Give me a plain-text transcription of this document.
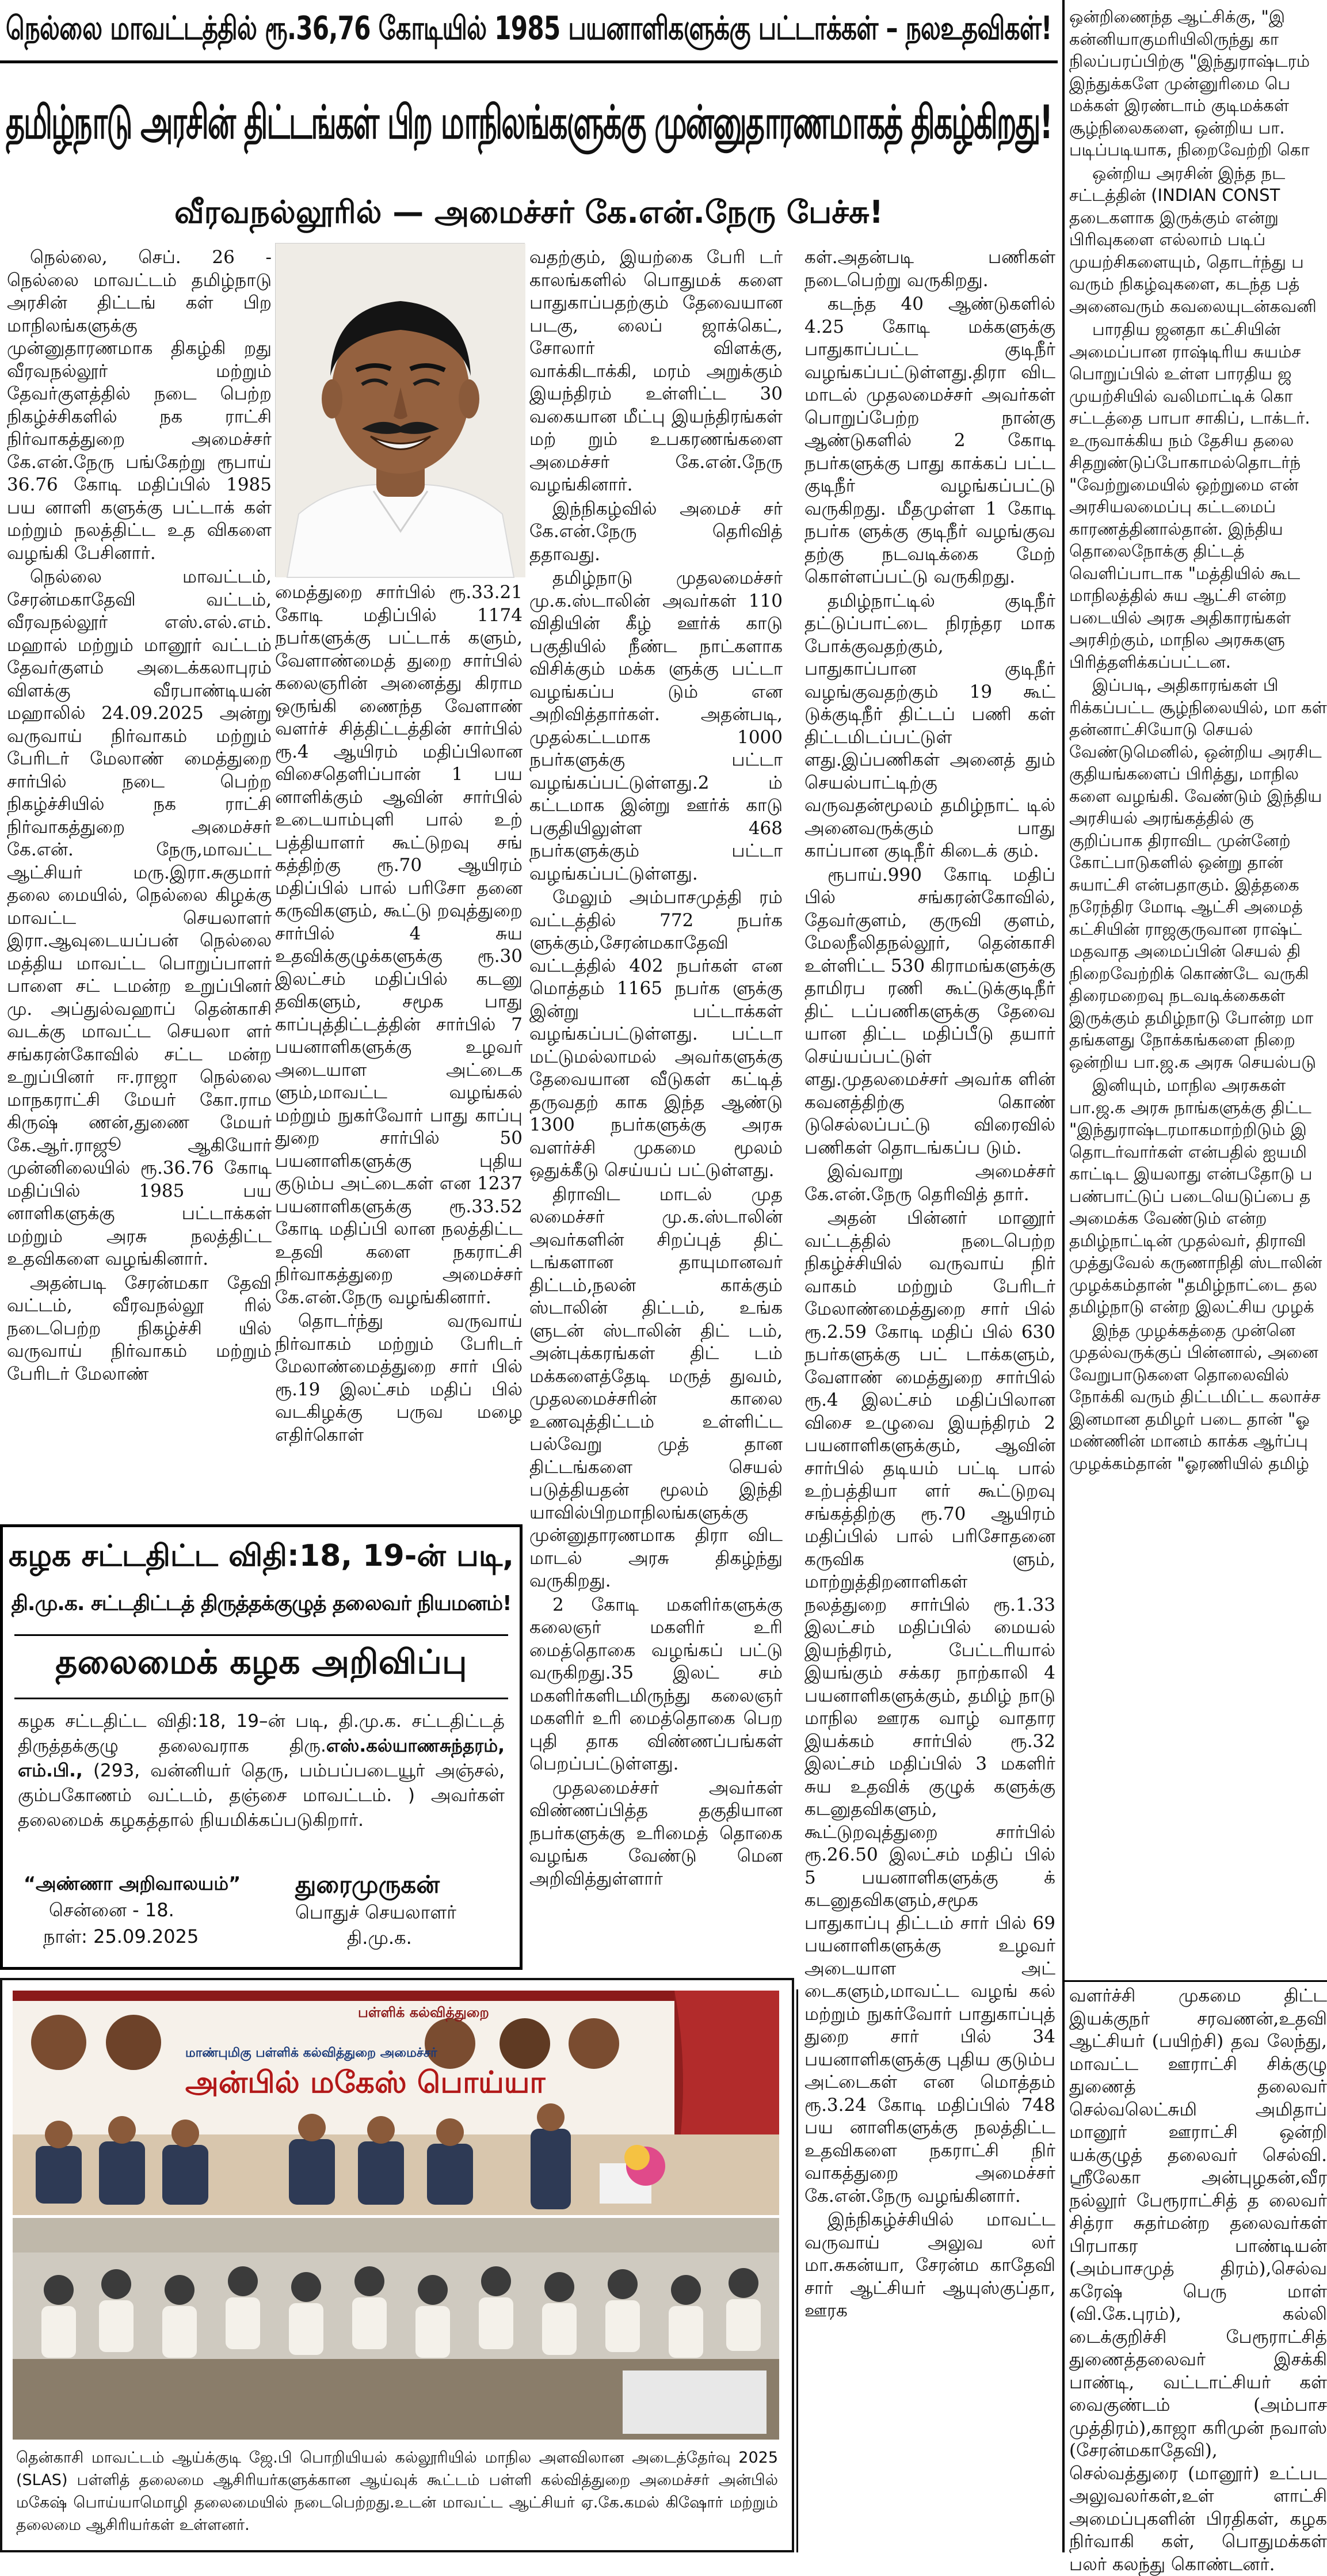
நெல்லை மாவட்டத்தில் ரூ.36,76 கோடியில் 1985 பயனாளிகளுக்கு பட்டாக்கள் – நலஉதவிகள்!
தமிழ்நாடு அரசின் திட்டங்கள் பிற மாநிலங்களுக்கு முன்னுதாரணமாகத் திகழ்கிறது!
வீரவநல்லூரில் — அமைச்சர் கே.என்.நேரு பேச்சு!

நெல்லை, செப். 26 - நெல்லை மாவட்டம் தமிழ்நாடு அரசின் திட்டங் கள் பிற மாநிலங்களுக்கு முன்னுதாரணமாக திகழ்கி றது வீரவநல்லூர் மற்றும் தேவர்குளத்தில் நடை பெற்ற நிகழ்ச்சிகளில் நக ராட்சி நிர்வாகத்துறை அமைச்சர் கே.என்.நேரு பங்கேற்று ரூபாய் 36.76 கோடி மதிப்பில் 1985 பய னாளி களுக்கு பட்டாக் கள் மற்றும் நலத்திட்ட உத விகளை வழங்கி பேசினார்.

நெல்லை மாவட்டம், சேரன்மகாதேவி வட்டம், வீரவநல்லூர் எஸ்.எல்.எம். மஹால் மற்றும் மானூர் வட்டம் தேவர்குளம் அடைக்கலாபுரம் விளக்கு வீரபாண்டியன் மஹாலில் 24.09.2025 அன்று வருவாய் நிர்வாகம் மற்றும் பேரிடர் மேலாண் மைத்துறை சார்பில் நடை பெற்ற நிகழ்ச்சியில் நக ராட்சி நிர்வாகத்துறை அமைச்சர் கே.என். நேரு,மாவட்ட ஆட்சியர் மரு.இரா.சுகுமார் தலை மையில், நெல்லை கிழக்கு மாவட்ட செயலாளர் இரா.ஆவுடையப்பன் நெல்லை மத்திய மாவட்ட பொறுப்பாளர் பாளை சட் டமன்ற உறுப்பினர் மு. அப்துல்வஹாப் தென்காசி வடக்கு மாவட்ட செயலா ளர் சங்கரன்கோவில் சட்ட மன்ற உறுப்பினர் ஈ.ராஜா நெல்லை மாநகராட்சி மேயர் கோ.ராம கிருஷ் ணன்,துணை மேயர் கே.ஆர்.ராஜூ ஆகியோர் முன்னிலையில் ரூ.36.76 கோடி மதிப்பில் 1985 பய னாளிகளுக்கு பட்டாக்கள் மற்றும் அரசு நலத்திட்ட உதவிகளை வழங்கினார்.

அதன்படி சேரன்மகா தேவி வட்டம், வீரவநல்லூ ரில் நடைபெற்ற நிகழ்ச்சி யில் வருவாய் நிர்வாகம் மற்றும் பேரிடர் மேலாண்

மைத்துறை சார்பில் ரூ.33.21 கோடி மதிப்பில் 1174 நபர்களுக்கு பட்டாக் களும், வேளாண்மைத் துறை சார்பில் கலைஞரின் அனைத்து கிராம ஒருங்கி ணைந்த வேளாண் வளர்ச் சித்திட்டத்தின் சார்பில் ரூ.4 ஆயிரம் மதிப்பிலான விசைதெளிப்பான் 1 பய னாளிக்கும் ஆவின் சார்பில் உடையாம்புளி பால் உற் பத்தியாளர் கூட்டுறவு சங் கத்திற்கு ரூ.70 ஆயிரம் மதிப்பில் பால் பரிசோ தனை கருவிகளும், கூட்டு றவுத்துறை சார்பில் 4 சுய உதவிக்குழுக்களுக்கு ரூ.30 இலட்சம் மதிப்பில் கடனு தவிகளும், சமூக பாது காப்புத்திட்டத்தின் சார்பில் 7 பயனாளிகளுக்கு உழவர் அடையாள அட்டைக ளும்,மாவட்ட வழங்கல் மற்றும் நுகர்வோர் பாது காப்பு துறை சார்பில் 50 பயனாளிகளுக்கு புதிய குடும்ப அட்டைகள் என 1237 பயனாளிகளுக்கு ரூ.33.52 கோடி மதிப்பி லான நலத்திட்ட உதவி களை நகராட்சி நிர்வாகத்துறை அமைச்சர் கே.என்.நேரு வழங்கினார்.

தொடர்ந்து வருவாய் நிர்வாகம் மற்றும் பேரிடர் மேலாண்மைத்துறை சார் பில் ரூ.19 இலட்சம் மதிப் பில் வடகிழக்கு பருவ மழை எதிர்கொள்

வதற்கும், இயற்கை பேரி டர் காலங்களில் பொதுமக் களை பாதுகாப்பதற்கும் தேவையான படகு, லைப் ஜாக்கெட், சோலார் விளக்கு, வாக்கிடாக்கி, மரம் அறுக்கும் இயந்திரம் உள்ளிட்ட 30 வகையான மீட்பு இயந்திரங்கள் மற் றும் உபகரணங்களை அமைச்சர் கே.என்.நேரு வழங்கினார்.

இந்நிகழ்வில் அமைச் சர் கே.என்.நேரு தெரிவித் ததாவது.

தமிழ்நாடு முதலமைச்சர் மு.க.ஸ்டாலின் அவர்கள் 110 விதியின் கீழ் ஊர்க் காடு பகுதியில் நீண்ட நாட்களாக விசிக்கும் மக்க ளுக்கு பட்டா வழங்கப்ப டும் என அறிவித்தார்கள். அதன்படி, முதல்கட்டமாக 1000 நபர்களுக்கு பட்டா வழங்கப்பட்டுள்ளது.2 ம் கட்டமாக இன்று ஊர்க் காடு பகுதியிலுள்ள 468 நபர்களுக்கும் பட்டா வழங்கப்பட்டுள்ளது.

மேலும் அம்பாசமுத்தி ரம் வட்டத்தில் 772 நபர்க ளுக்கும்,சேரன்மகாதேவி வட்டத்தில் 402 நபர்கள் என மொத்தம் 1165 நபர்க ளுக்கு இன்று பட்டாக்கள் வழங்கப்பட்டுள்ளது. பட்டா மட்டுமல்லாமல் அவர்களுக்கு தேவையான வீடுகள் கட்டித் தருவதற் காக இந்த ஆண்டு 1300 நபர்களுக்கு அரசு வளர்ச்சி முகமை மூலம் ஒதுக்கீடு செய்யப் பட்டுள்ளது.

திராவிட மாடல் முத லமைச்சர் மு.க.ஸ்டாலின் அவர்களின் சிறப்புத் திட் டங்களான தாயுமானவர் திட்டம்,நலன் காக்கும் ஸ்டாலின் திட்டம், உங்க ளுடன் ஸ்டாலின் திட் டம், அன்புக்கரங்கள் திட் டம் மக்களைத்தேடி மருத் துவம், முதலமைச்சரின் காலை உணவுத்திட்டம் உள்ளிட்ட பல்வேறு முத் தான திட்டங்களை செயல் படுத்தியதன் மூலம் இந்தி யாவில்பிறமாநிலங்களுக்கு முன்னுதாரணமாக திரா விட மாடல் அரசு திகழ்ந்து வருகிறது.

2 கோடி மகளிர்களுக்கு கலைஞர் மகளிர் உரி மைத்தொகை வழங்கப் பட்டு வருகிறது.35 இலட் சம் மகளிர்களிடமிருந்து கலைஞர் மகளிர் உரி மைத்தொகை பெற புதி தாக விண்ணப்பங்கள் பெறப்பட்டுள்ளது.

முதலமைச்சர் அவர்கள் விண்ணப்பித்த தகுதியான நபர்களுக்கு உரிமைத் தொகை வழங்க வேண்டு மென அறிவித்துள்ளார்

கள்.அதன்படி பணிகள் நடைபெற்று வருகிறது.

கடந்த 40 ஆண்டுகளில் 4.25 கோடி மக்களுக்கு பாதுகாப்பட்ட குடிநீர் வழங்கப்பட்டுள்ளது.திரா விட மாடல் முதலமைச்சர் அவர்கள் பொறுப்பேற்ற நான்கு ஆண்டுகளில் 2 கோடி நபர்களுக்கு பாது காக்கப் பட்ட குடிநீர் வழங்கப்பட்டு வருகிறது. மீதமுள்ள 1 கோடி நபர்க ளுக்கு குடிநீர் வழங்குவ தற்கு நடவடிக்கை மேற் கொள்ளப்பட்டு வருகிறது.

தமிழ்நாட்டில் குடிநீர் தட்டுப்பாட்டை நிரந்தர மாக போக்குவதற்கும், பாதுகாப்பான குடிநீர் வழங்குவதற்கும் 19 கூட் டுக்குடிநீர் திட்டப் பணி கள் திட்டமிடப்பட்டுள் ளது.இப்பணிகள் அனைத் தும் செயல்பாட்டிற்கு வருவதன்மூலம் தமிழ்நாட் டில் அனைவருக்கும் பாது காப்பான குடிநீர் கிடைக் கும்.

ரூபாய்.990 கோடி மதிப் பில் சங்கரன்கோவில், தேவர்குளம், குருவி குளம், மேலநீலிதநல்லூர், தென்காசி உள்ளிட்ட 530 கிராமங்களுக்கு தாமிரப ரணி கூட்டுக்குடிநீர் திட் டப்பணிகளுக்கு தேவை யான திட்ட மதிப்பீடு தயார் செய்யப்பட்டுள் ளது.முதலமைச்சர் அவர்க ளின் கவனத்திற்கு கொண் டுசெல்லப்பட்டு விரைவில் பணிகள் தொடங்கப்ப டும்.

இவ்வாறு அமைச்சர் கே.என்.நேரு தெரிவித் தார்.

அதன் பின்னர் மானூர் வட்டத்தில் நடைபெற்ற நிகழ்ச்சியில் வருவாய் நிர் வாகம் மற்றும் பேரிடர் மேலாண்மைத்துறை சார் பில் ரூ.2.59 கோடி மதிப் பில் 630 நபர்களுக்கு பட் டாக்களும், வேளாண் மைத்துறை சார்பில் ரூ.4 இலட்சம் மதிப்பிலான விசை உழுவை இயந்திரம் 2 பயனாளிகளுக்கும், ஆவின் சார்பில் தடியம் பட்டி பால் உற்பத்தியா ளர் கூட்டுறவு சங்கத்திற்கு ரூ.70 ஆயிரம் மதிப்பில் பால் பரிசோதனை கருவிக ளும், மாற்றுத்திறனாளிகள் நலத்துறை சார்பில் ரூ.1.33 இலட்சம் மதிப்பில் மையல் இயந்திரம், பேட்டரியால் இயங்கும் சக்கர நாற்காலி 4 பயனாளிகளுக்கும், தமிழ் நாடு மாநில ஊரக வாழ் வாதார இயக்கம் சார்பில் ரூ.32 இலட்சம் மதிப்பில் 3 மகளிர் சுய உதவிக் குழுக் களுக்கு கடனுதவிகளும், கூட்டுறவுத்துறை சார்பில் ரூ.26.50 இலட்சம் மதிப் பில் 5 பயனாளிகளுக்கு க் கடனுதவிகளும்,சமூக பாதுகாப்பு திட்டம் சார் பில் 69 பயனாளிகளுக்கு உழவர் அடையாள அட் டைகளும்,மாவட்ட வழங் கல் மற்றும் நுகர்வோர் பாதுகாப்புத் துறை சார் பில் 34 பயனாளிகளுக்கு புதிய குடும்ப அட்டைகள் என மொத்தம் ரூ.3.24 கோடி மதிப்பில் 748 பய னாளிகளுக்கு நலத்திட்ட உதவிகளை நகராட்சி நிர் வாகத்துறை அமைச்சர் கே.என்.நேரு வழங்கினார்.

இந்நிகழ்ச்சியில் மாவட்ட வருவாய் அலுவ லர் மா.சுகன்யா, சேரன்ம காதேவி சார் ஆட்சியர் ஆயுஸ்குப்தா, ஊரக

ஒன்றிணைந்த ஆட்சிக்கு, "இ கன்னியாகுமரியிலிருந்து கா நிலப்பரப்பிற்கு "இந்துராஷ்டரம் இந்துக்களே முன்னுரிமை பெ மக்கள் இரண்டாம் குடிமக்கள் சூழ்நிலைகளை, ஒன்றிய பா. படிப்படியாக, நிறைவேற்றி கொ

ஒன்றிய அரசின் இந்த நட சட்டத்தின் (INDIAN CONST தடைகளாக இருக்கும் என்று பிரிவுகளை எல்லாம் படிப் முயற்சிகளையும், தொடர்ந்து ப வரும் நிகழ்வுகளை, கடந்த பத் அனைவரும் கவலையுடன்கவனி

பாரதிய ஜனதா கட்சியின் அமைப்பான ராஷ்டிரிய சுயம்ச பொறுப்பில் உள்ள பாரதிய ஜ முயற்சியில் வலிமாட்டிக் கொ சட்டத்தை பாபா சாகிப், டாக்டர். உருவாக்கிய நம் தேசிய தலை சிதறுண்டுப்போகாமல்தொடர்ந் "வேற்றுமையில் ஒற்றுமை என் அரசியலமைப்பு கட்டமைப் காரணத்தினால்தான். இந்திய தொலைநோக்கு திட்டத் வெளிப்பாடாக "மத்தியில் கூட மாநிலத்தில் சுய ஆட்சி என்ற படையில் அரசு அதிகாரங்கள் அரசிற்கும், மாநில அரசுகளு பிரித்தளிக்கப்பட்டன.

இப்படி, அதிகாரங்கள் பி ரிக்கப்பட்ட சூழ்நிலையில், மா கள் தன்னாட்சியோடு செயல் வேண்டுமெனில், ஒன்றிய அரசிட குதியங்களைப் பிரித்து, மாநில களை வழங்கி. வேண்டும் இந்திய அரசியல் அரங்கத்தில் கு குறிப்பாக திராவிட முன்னேற் கோட்பாடுகளில் ஒன்று தான் சுயாட்சி என்பதாகும். இத்தகை நரேந்திர மோடி ஆட்சி அமைத் கட்சியின் ராஜகுருவான ராஷ்ட் மதவாத அமைப்பின் செயல் தி நிறைவேற்றிக் கொண்டே வருகி திரைமறைவு நடவடிக்கைகள் இருக்கும் தமிழ்நாடு போன்ற மா தங்களது நோக்கங்களை நிறை ஒன்றிய பா.ஜ.க அரசு செயல்படு

இனியும், மாநில அரசுகள் பா.ஜ.க அரசு நாங்களுக்கு திட்ட "இந்துராஷ்டரமாகமாற்றிடும் இ தொடர்வார்கள் என்பதில் ஐயமி காட்டிட இயலாது என்பதோடு ப பண்பாட்டுப் படையெடுப்பை த அமைக்க வேண்டும் என்ற தமிழ்நாட்டின் முதல்வர், திராவி முத்துவேல் கருணாநிதி ஸ்டாலின் முழக்கம்தான் "தமிழ்நாட்டை தல தமிழ்நாடு என்ற இலட்சிய முழக்

இந்த முழக்கத்தை முன்னெ முதல்வருக்குப் பின்னால், அனை வேறுபாடுகளை தொலைவில் நோக்கி வரும் திட்டமிட்ட கலாச்ச இனமான தமிழர் படை தான் "ஓ மண்ணின் மானம் காக்க ஆர்ப்பு முழக்கம்தான் "ஓரணியில் தமிழ்

வளர்ச்சி முகமை திட்ட இயக்குநர் சரவணன்,உதவி ஆட்சியர் (பயிற்சி) தவ லேந்து, மாவட்ட ஊராட்சி சிக்குழு துணைத் தலைவர் செல்வலெட்சுமி அமிதாப் மானூர் ஊராட்சி ஒன்றி யக்குழுத் தலைவர் செல்வி. ஸ்ரீலேகா அன்புழகன்,வீர நல்லூர் பேரூராட்சித் த லைவர் சித்ரா சுதர்மன்ற தலைவர்கள் பிரபாகர பாண்டியன் (அம்பாசமுத் திரம்),செல்வ கரேஷ் பெரு மாள் (வி.கே.புரம்), கல்லி டைக்குறிச்சி பேரூராட்சித் துணைத்தலைவர் இசக்கி பாண்டி, வட்டாட்சியர் கள் வைகுண்டம் (அம்பாச முத்திரம்),காஜா கரிமுன் நவாஸ் (சேரன்மகாதேவி), செல்வத்துரை (மானூர்) உட்பட அலுவலர்கள்,உள் ளாட்சி அமைப்புகளின் பிரதிகள், கழக நிர்வாகி கள், பொதுமக்கள் பலர் கலந்து கொண்டனர்.

கழக சட்டதிட்ட விதி:18, 19-ன் படி,
தி.மு.க. சட்டதிட்டத் திருத்தக்குழுத் தலைவர் நியமனம்!
தலைமைக் கழக அறிவிப்பு
கழக சட்டதிட்ட விதி:18, 19–ன் படி, தி.மு.க. சட்டதிட்டத் திருத்தக்குழு தலைவராக திரு.எஸ்.கல்யாணசுந்தரம், எம்.பி., (293, வன்னியர் தெரு, பம்பப்படையூர் அஞ்சல், கும்பகோணம் வட்டம், தஞ்சை மாவட்டம். ) அவர்கள் தலைமைக் கழகத்தால் நியமிக்கப்படுகிறார்.
“அண்ணா அறிவாலயம்”
சென்னை - 18.
நாள்: 25.09.2025
துரைமுருகன்
பொதுச் செயலாளர்
தி.மு.க.
பள்ளிக் கல்வித்துறை
மாண்புமிகு பள்ளிக் கல்வித்துறை அமைச்சர்
அன்பில் மகேஸ் பொய்யா
தென்காசி மாவட்டம் ஆய்க்குடி ஜே.பி பொறியியல் கல்லூரியில் மாநில அளவிலான அடைத்தேர்வு 2025 (SLAS) பள்ளித் தலைமை ஆசிரியர்களுக்கான ஆய்வுக் கூட்டம் பள்ளி கல்வித்துறை அமைச்சர் அன்பில் மகேஷ் பொய்யாமொழி தலைமையில் நடைபெற்றது.உடன் மாவட்ட ஆட்சியர் ஏ.கே.கமல் கிஷோர் மற்றும் தலைமை ஆசிரியர்கள் உள்ளனர்.
